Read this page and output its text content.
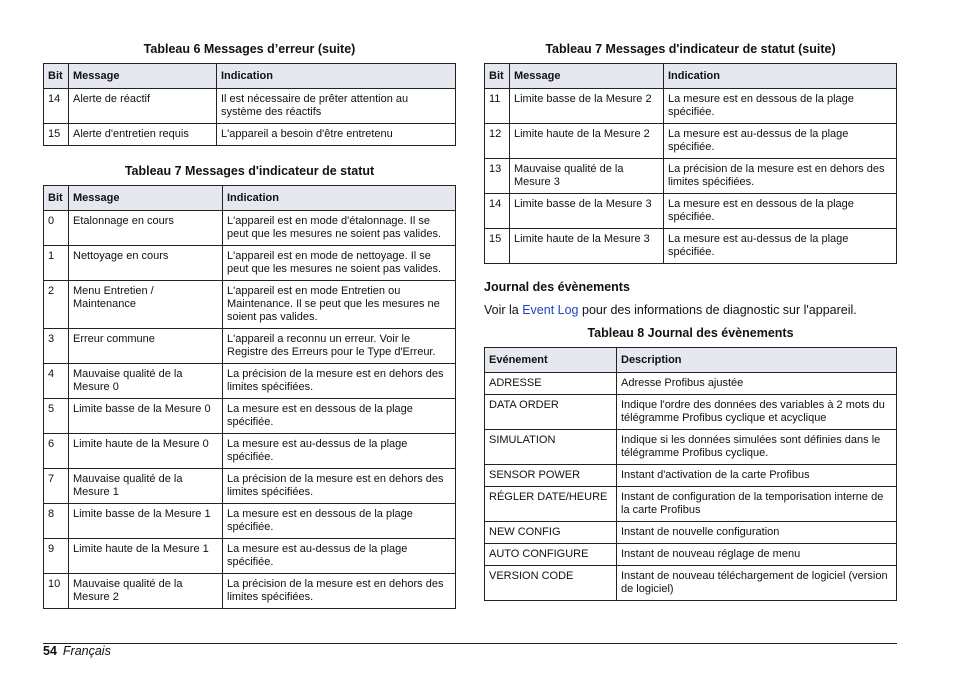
Tableau 6 Messages d’erreur (suite)
Bit	Message	Indication
14	Alerte de réactif	Il est nécessaire de prêter attention au système des réactifs
15	Alerte d'entretien requis	L'appareil a besoin d'être entretenu
Tableau 7 Messages d'indicateur de statut
Bit	Message	Indication
0	Etalonnage en cours	L'appareil est en mode d'étalonnage. Il se peut que les mesures ne soient pas valides.
1	Nettoyage en cours	L'appareil est en mode de nettoyage. Il se peut que les mesures ne soient pas valides.
2	Menu Entretien / Maintenance	L'appareil est en mode Entretien ou Maintenance. Il se peut que les mesures ne soient pas valides.
3	Erreur commune	L'appareil a reconnu un erreur. Voir le Registre des Erreurs pour le Type d'Erreur.
4	Mauvaise qualité de la Mesure 0	La précision de la mesure est en dehors des limites spécifiées.
5	Limite basse de la Mesure 0	La mesure est en dessous de la plage spécifiée.
6	Limite haute de la Mesure 0	La mesure est au-dessus de la plage spécifiée.
7	Mauvaise qualité de la Mesure 1	La précision de la mesure est en dehors des limites spécifiées.
8	Limite basse de la Mesure 1	La mesure est en dessous de la plage spécifiée.
9	Limite haute de la Mesure 1	La mesure est au-dessus de la plage spécifiée.
10	Mauvaise qualité de la Mesure 2	La précision de la mesure est en dehors des limites spécifiées.
Tableau 7 Messages d'indicateur de statut (suite)
Bit	Message	Indication
11	Limite basse de la Mesure 2	La mesure est en dessous de la plage spécifiée.
12	Limite haute de la Mesure 2	La mesure est au-dessus de la plage spécifiée.
13	Mauvaise qualité de la Mesure 3	La précision de la mesure est en dehors des limites spécifiées.
14	Limite basse de la Mesure 3	La mesure est en dessous de la plage spécifiée.
15	Limite haute de la Mesure 3	La mesure est au-dessus de la plage spécifiée.
Journal des évènements

Voir la Event Log pour des informations de diagnostic sur l'appareil.

Tableau 8 Journal des évènements
Evénement	Description
ADRESSE	Adresse Profibus ajustée
DATA ORDER	Indique l'ordre des données des variables à 2 mots du télégramme Profibus cyclique et acyclique
SIMULATION	Indique si les données simulées sont définies dans le télégramme Profibus cyclique.
SENSOR POWER	Instant d'activation de la carte Profibus
RÉGLER DATE/HEURE	Instant de configuration de la temporisation interne de la carte Profibus
NEW CONFIG	Instant de nouvelle configuration
AUTO CONFIGURE	Instant de nouveau réglage de menu
VERSION CODE	Instant de nouveau téléchargement de logiciel (version de logiciel)
54 Français
